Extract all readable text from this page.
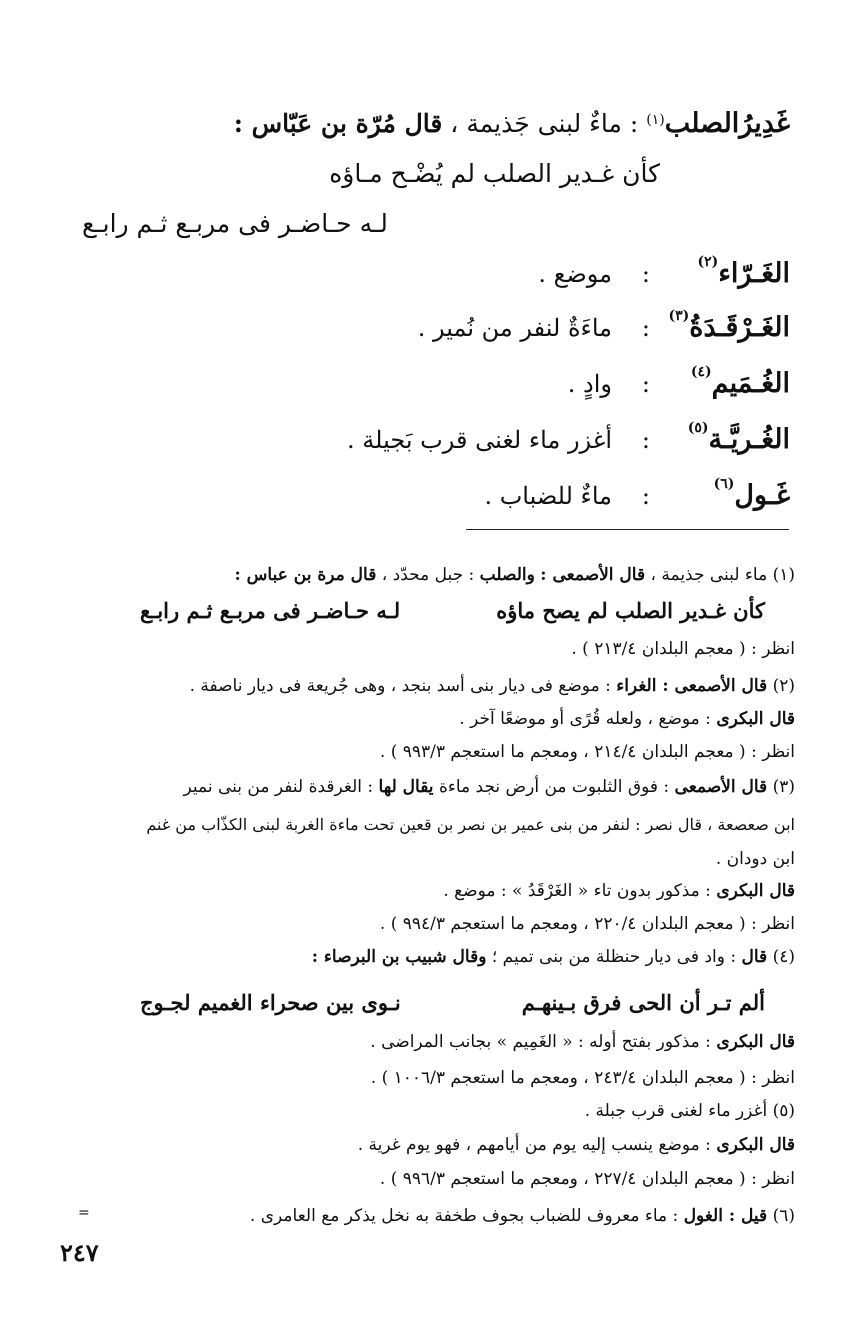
غَدِيرُالصلب$^{(١)}$ : ماءٌ لبنى جَذيمة ، قال مُرّة بن عَبّاس :
كأن غـدير الصلب لم يُضْـح مـاؤه
لـه حـاضـر فى مربـع ثـم رابـع
الغَـرّاء$^{(٢)}$
:
موضع .
الغَـرْقَـدَةُ$^{(٣)}$
:
ماءَةٌ لنفر من نُمير .
الغُـمَيم$^{(٤)}$
:
وادٍ .
الغُـريَّـة$^{(٥)}$
:
أغزر ماء لغنى قرب بَجيلة .
غَـول$^{(٦)}$
:
ماءٌ للضباب .
(١) ماء لبنى جذيمة ، قال الأصمعى : والصلب : جبل محدّد ، قال مرة بن عباس :
كأن غـدير الصلب لم يصح ماؤه
لـه حـاضـر فى مربـع ثـم رابـع
انظر : ( معجم البلدان ٢١٣/٤ ) .
(٢) قال الأصمعى : الغراء : موضع فى ديار بنى أسد بنجد ، وهى جُريعة فى ديار ناصفة .
قال البكرى : موضع ، ولعله قُرًى أو موضعًا آخر .
انظر : ( معجم البلدان ٢١٤/٤ ، ومعجم ما استعجم ٩٩٣/٣ ) .
(٣) قال الأصمعى : فوق الثلبوت من أرض نجد ماءة يقال لها : الغرقدة لنفر من بنى نمير
ابن صعصعة ، قال نصر : لنفر من بنى عمير بن نصر بن قعين تحت ماءة الغربة لبنى الكذّاب من غنم
ابن دودان .
قال البكرى : مذكور بدون تاء « الغَرْقَدُ » : موضع .
انظر : ( معجم البلدان ٢٢٠/٤ ، ومعجم ما استعجم ٩٩٤/٣ ) .
(٤) قال : واد فى ديار حنظلة من بنى تميم ؛ وقال شبيب بن البرصاء :
ألم تـر أن الحى فرق بـينهـم
نـوى بين صحراء الغميم لجـوج
قال البكرى : مذكور بفتح أوله : « الغَمِيم » بجانب المراضى .
انظر : ( معجم البلدان ٢٤٣/٤ ، ومعجم ما استعجم ١٠٠٦/٣ ) .
(٥) أغزر ماء لغنى قرب جبلة .
قال البكرى : موضع ينسب إليه يوم من أيامهم ، فهو يوم غرية .
انظر : ( معجم البلدان ٢٢٧/٤ ، ومعجم ما استعجم ٩٩٦/٣ ) .
(٦) قيل : الغول : ماء معروف للضباب بجوف طخفة به نخل يذكر مع العامرى .
=
٢٤٧
